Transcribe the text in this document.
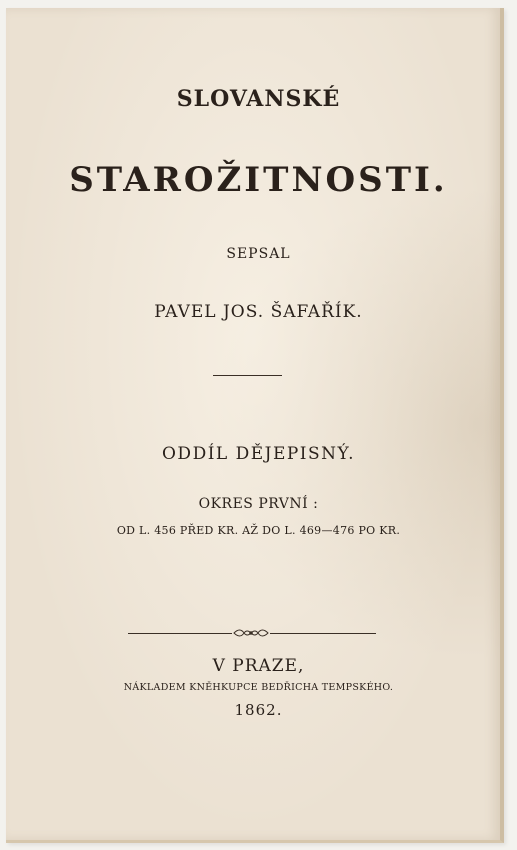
SLOVANSKÉ
STAROŽITNOSTI.
SEPSAL
PAVEL JOS. ŠAFAŘÍK.
ODDÍL DĚJEPISNÝ.
OKRES PRVNÍ :
OD L. 456 PŘED KR. AŽ DO L. 469—476 PO KR.
V PRAZE,
NÁKLADEM KNĚHKUPCE BEDŘICHA TEMPSKÉHO.
1862.
